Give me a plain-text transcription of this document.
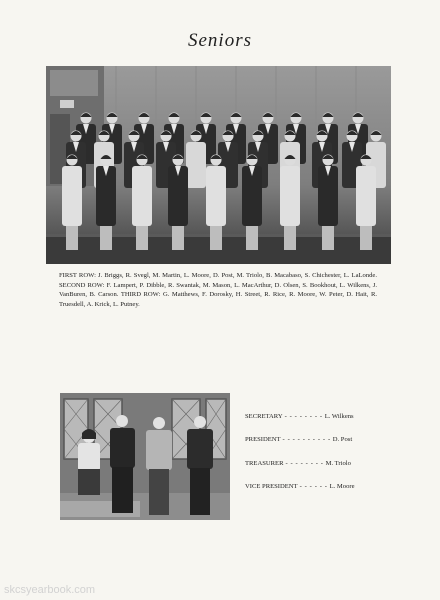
Seniors
FIRST ROW: J. Briggs, R. Svegl, M. Martin, L. Moore, D. Post, M. Triolo, B. Macabaso, S. Chichester, L. LaLonde. SECOND ROW: F. Lampert, P. Dibble, R. Swantak, M. Mason, L. MacArthur, D. Olsen, S. Bookhout, L. Wilkens, J. VanBuren, B. Carson. THIRD ROW: G. Matthews, F. Dorosky, H. Street, R. Rice, R. Moore, W. Peter, D. Hait, R. Truesdell, A. Krick, L. Putney.
SECRETARY - - - - - - - - L. Wilkens
PRESIDENT - - - - - - - - - - D. Post
TREASURER - - - - - - - - M. Triolo
VICE PRESIDENT - - - - - - L. Moore
skcsyearbook.com
